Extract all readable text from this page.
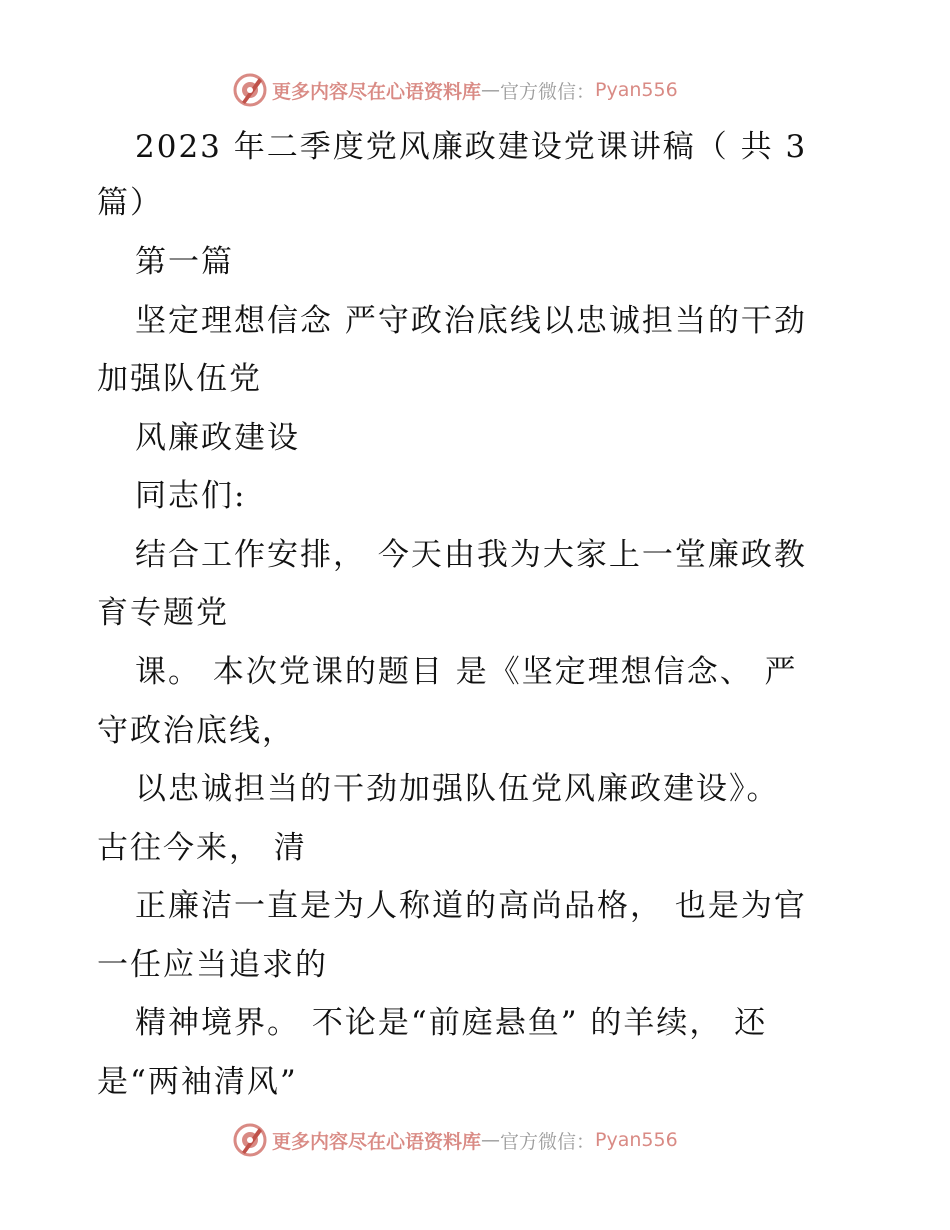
更多内容尽在心语资料库 — 官方微信： Pyan556
2023 年二季度党风廉政建设党课讲稿（ 共 3
篇）
第一篇
坚定理想信念 严守政治底线以忠诚担当的干劲
加强队伍党
风廉政建设
同志们:
结合工作安排， 今天由我为大家上一堂廉政教
育专题党
课。 本次党课的题目 是《坚定理想信念、 严
守政治底线，
以忠诚担当的干劲加强队伍党风廉政建设》。
古往今来， 清
正廉洁一直是为人称道的高尚品格， 也是为官
一任应当追求的
精神境界。 不论是“前庭悬鱼” 的羊续， 还
是“两袖清风”
更多内容尽在心语资料库 — 官方微信： Pyan556
